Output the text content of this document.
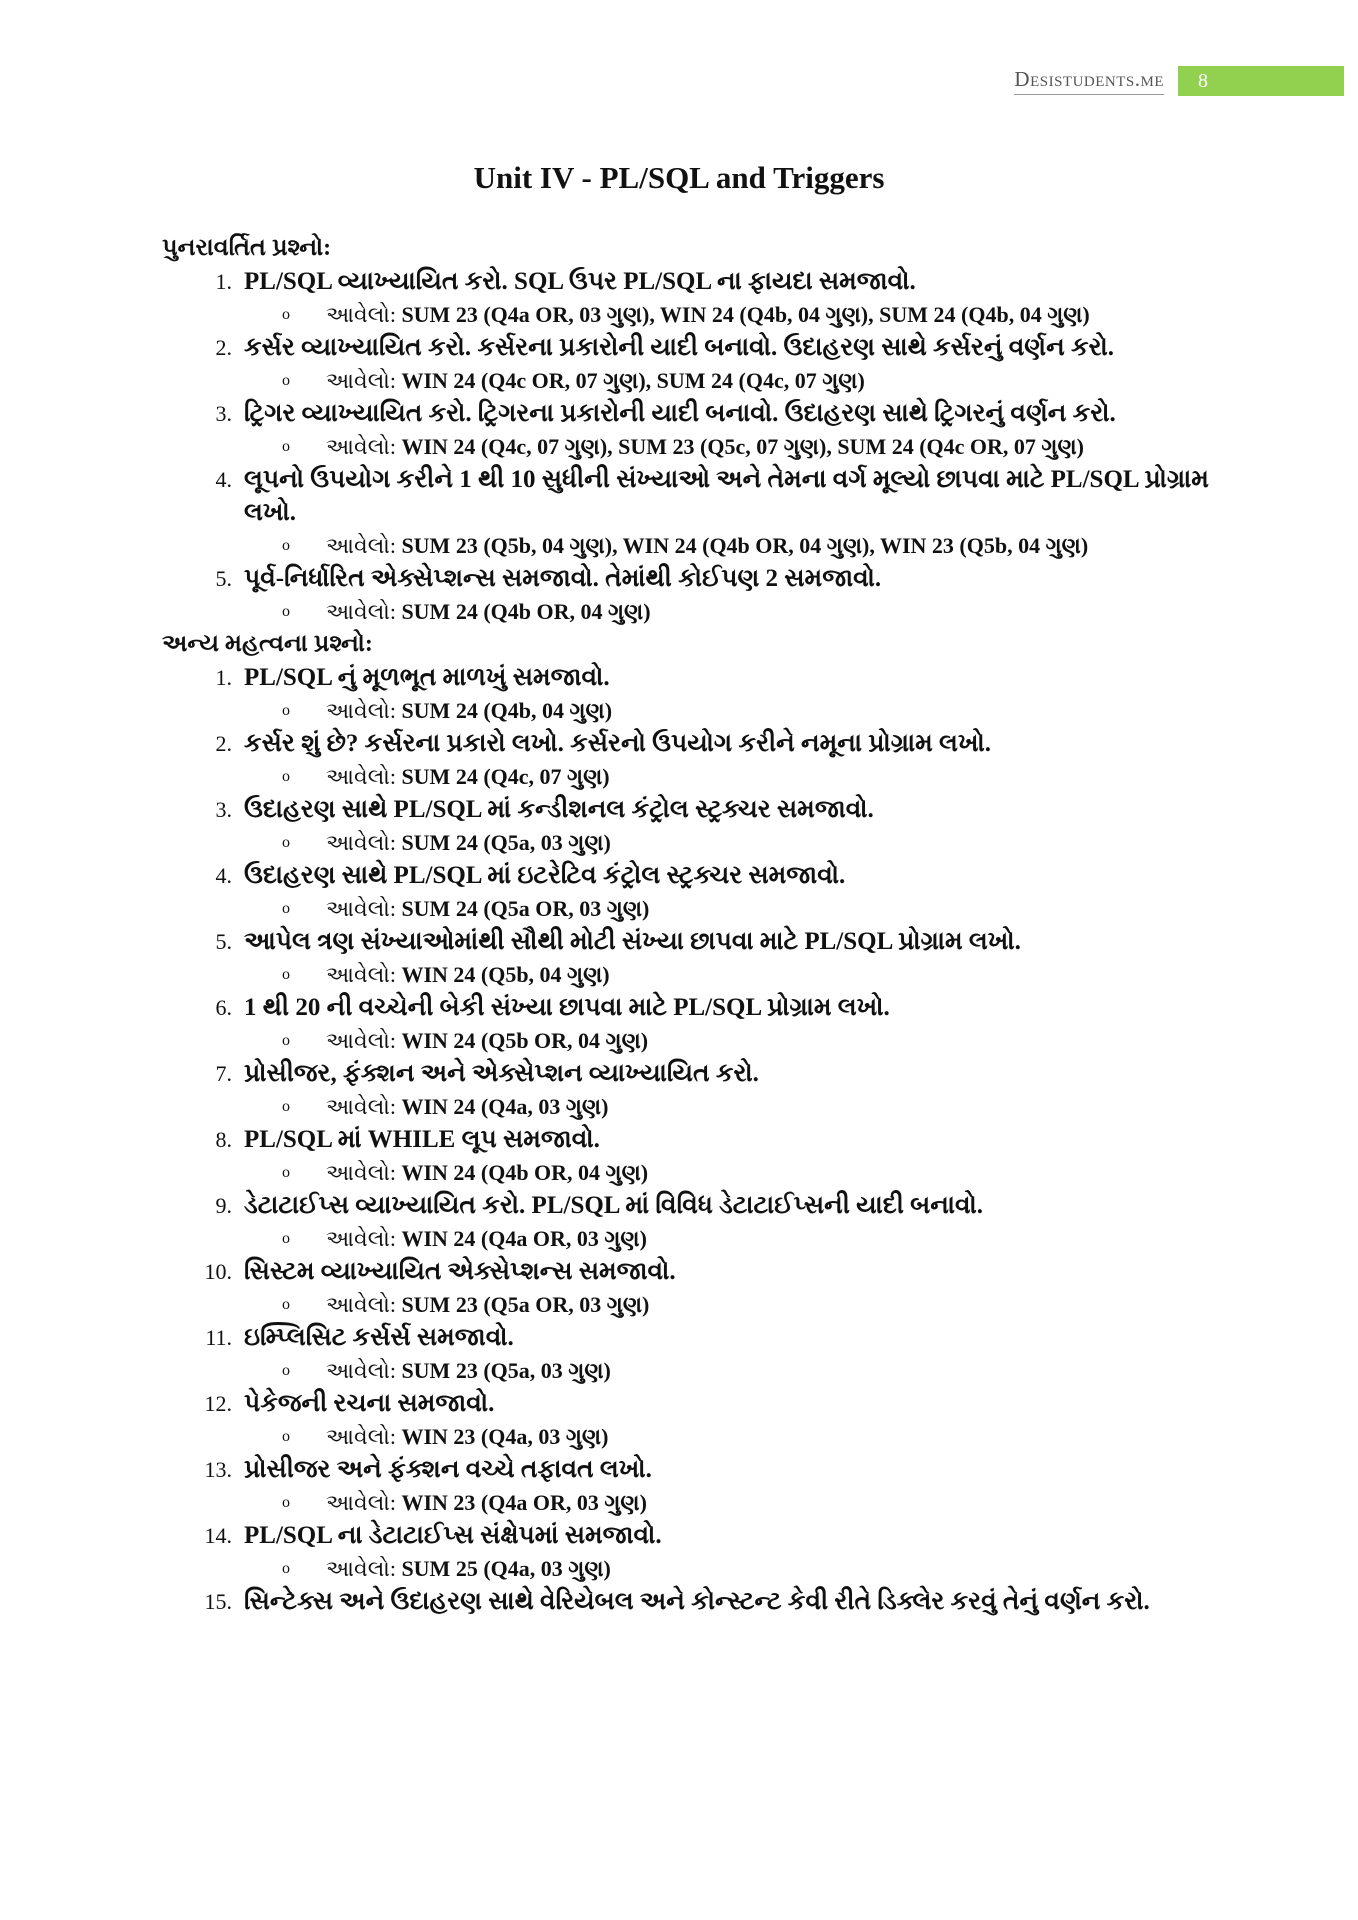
Desistudents.me	8
Unit IV - PL/SQL and Triggers
પુનરાવર્તિત પ્રશ્નો:
1. PL/SQL વ્યાખ્યાયિત કરો. SQL ઉપર PL/SQL ના ફાયદા સમજાવો.
o	આવેલો: SUM 23 (Q4a OR, 03 ગુણ), WIN 24 (Q4b, 04 ગુણ), SUM 24 (Q4b, 04 ગુણ)
2. કર્સર વ્યાખ્યાયિત કરો. કર્સરના પ્રકારોની યાદી બનાવો. ઉદાહરણ સાથે કર્સરનું વર્ણન કરો.
o	આવેલો: WIN 24 (Q4c OR, 07 ગુણ), SUM 24 (Q4c, 07 ગુણ)
3. ટ્રિગર વ્યાખ્યાયિત કરો. ટ્રિગરના પ્રકારોની યાદી બનાવો. ઉદાહરણ સાથે ટ્રિગરનું વર્ણન કરો.
o	આવેલો: WIN 24 (Q4c, 07 ગુણ), SUM 23 (Q5c, 07 ગુણ), SUM 24 (Q4c OR, 07 ગુણ)
4. લૂપનો ઉપયોગ કરીને 1 થી 10 સુધીની સંખ્યાઓ અને તેમના વર્ગ મૂલ્યો છાપવા માટે PL/SQL પ્રોગ્રામ લખો.
o	આવેલો: SUM 23 (Q5b, 04 ગુણ), WIN 24 (Q4b OR, 04 ગુણ), WIN 23 (Q5b, 04 ગુણ)
5. પૂર્વ-નિર્ધારિત એક્સેપ્શન્સ સમજાવો. તેમાંથી કોઈપણ 2 સમજાવો.
o	આવેલો: SUM 24 (Q4b OR, 04 ગુણ)
અન્ય મહત્વના પ્રશ્નો:
1. PL/SQL નું મૂળભૂત માળખું સમજાવો.
o	આવેલો: SUM 24 (Q4b, 04 ગુણ)
2. કર્સર શું છે? કર્સરના પ્રકારો લખો. કર્સરનો ઉપયોગ કરીને નમૂના પ્રોગ્રામ લખો.
o	આવેલો: SUM 24 (Q4c, 07 ગુણ)
3. ઉદાહરણ સાથે PL/SQL માં કન્ડીશનલ કંટ્રોલ સ્ટ્રક્ચર સમજાવો.
o	આવેલો: SUM 24 (Q5a, 03 ગુણ)
4. ઉદાહરણ સાથે PL/SQL માં ઇટરેટિવ કંટ્રોલ સ્ટ્રક્ચર સમજાવો.
o	આવેલો: SUM 24 (Q5a OR, 03 ગુણ)
5. આપેલ ત્રણ સંખ્યાઓમાંથી સૌથી મોટી સંખ્યા છાપવા માટે PL/SQL પ્રોગ્રામ લખો.
o	આવેલો: WIN 24 (Q5b, 04 ગુણ)
6. 1 થી 20 ની વચ્ચેની બેકી સંખ્યા છાપવા માટે PL/SQL પ્રોગ્રામ લખો.
o	આવેલો: WIN 24 (Q5b OR, 04 ગુણ)
7. પ્રોસીજર, ફંક્શન અને એક્સેપ્શન વ્યાખ્યાયિત કરો.
o	આવેલો: WIN 24 (Q4a, 03 ગુણ)
8. PL/SQL માં WHILE લૂપ સમજાવો.
o	આવેલો: WIN 24 (Q4b OR, 04 ગુણ)
9. ડેટાટાઈપ્સ વ્યાખ્યાયિત કરો. PL/SQL માં વિવિધ ડેટાટાઈપ્સની યાદી બનાવો.
o	આવેલો: WIN 24 (Q4a OR, 03 ગુણ)
10. સિસ્ટમ વ્યાખ્યાયિત એક્સેપ્શન્સ સમજાવો.
o	આવેલો: SUM 23 (Q5a OR, 03 ગુણ)
11. ઇમ્પ્લિસિટ કર્સર્સ સમજાવો.
o	આવેલો: SUM 23 (Q5a, 03 ગુણ)
12. પેકેજની રચના સમજાવો.
o	આવેલો: WIN 23 (Q4a, 03 ગુણ)
13. પ્રોસીજર અને ફંક્શન વચ્ચે તફાવત લખો.
o	આવેલો: WIN 23 (Q4a OR, 03 ગુણ)
14. PL/SQL ના ડેટાટાઈપ્સ સંક્ષેપમાં સમજાવો.
o	આવેલો: SUM 25 (Q4a, 03 ગુણ)
15. સિન્ટેક્સ અને ઉદાહરણ સાથે વેરિયેબલ અને કોન્સ્ટન્ટ કેવી રીતે ડિક્લેર કરવું તેનું વર્ણન કરો.
